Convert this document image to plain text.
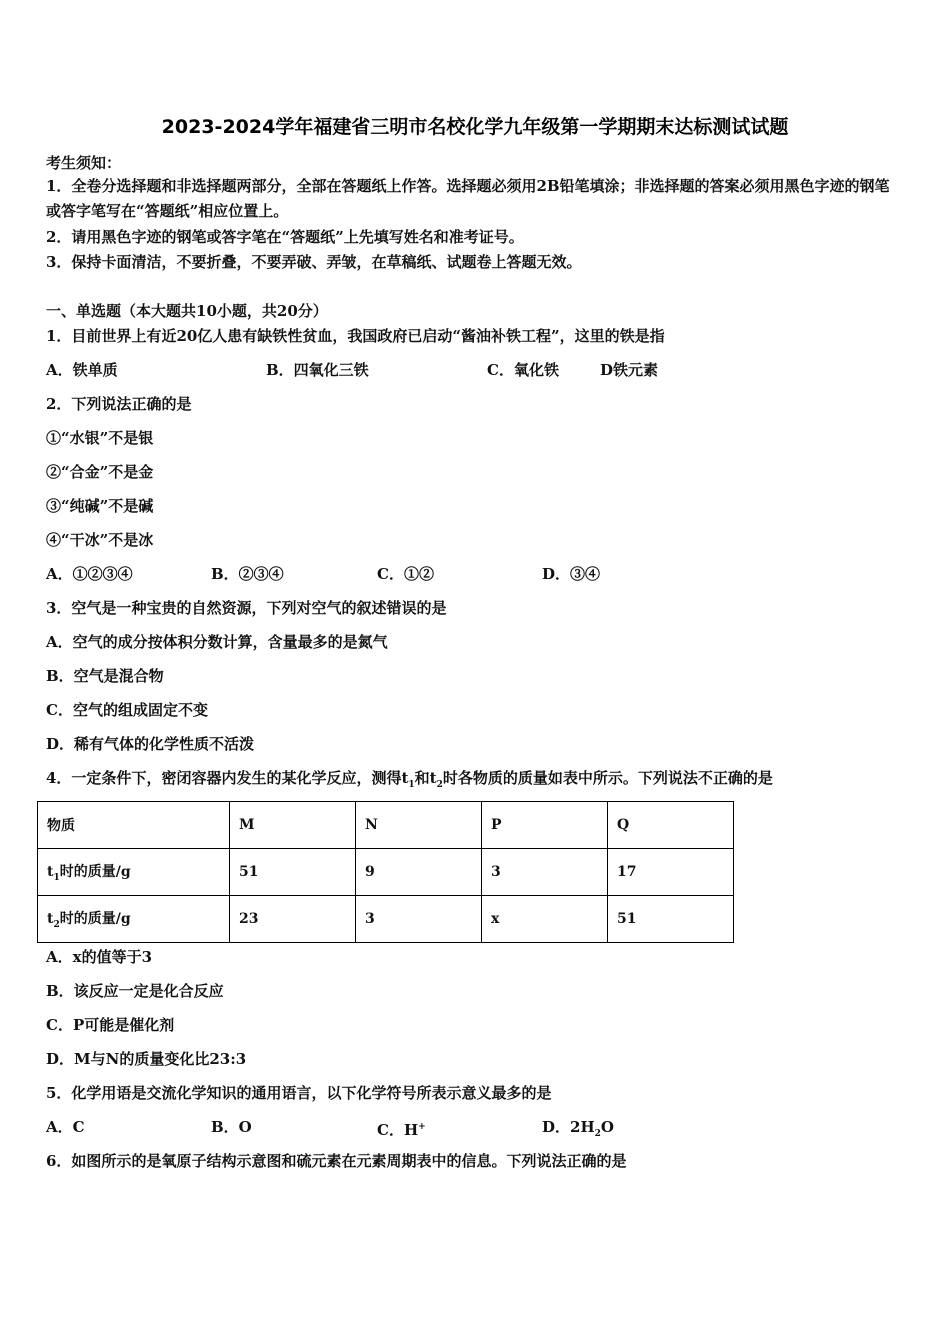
2023-2024学年福建省三明市名校化学九年级第一学期期末达标测试试题
考生须知：
1．全卷分选择题和非选择题两部分，全部在答题纸上作答。选择题必须用2B铅笔填涂；非选择题的答案必须用黑色字迹的钢笔或答字笔写在“答题纸”相应位置上。
2．请用黑色字迹的钢笔或答字笔在“答题纸”上先填写姓名和准考证号。
3．保持卡面清洁，不要折叠，不要弄破、弄皱，在草稿纸、试题卷上答题无效。
一、单选题（本大题共10小题，共20分）
1．目前世界上有近20亿人患有缺铁性贫血，我国政府已启动“酱油补铁工程”，这里的铁是指
A．铁单质	B．四氧化三铁	C．氧化铁	D铁元素
2．下列说法正确的是
①“水银”不是银
②“合金”不是金
③“纯碱”不是碱
④“干冰”不是冰
A．①②③④	B．②③④	C．①②	D．③④
3．空气是一种宝贵的自然资源，下列对空气的叙述错误的是
A．空气的成分按体积分数计算，含量最多的是氮气
B．空气是混合物
C．空气的组成固定不变
D．稀有气体的化学性质不活泼
4．一定条件下，密闭容器内发生的某化学反应，测得$t_1$和$t_2$时各物质的质量如表中所示。下列说法不正确的是
物质	M	N	P	Q
$t_1$时的质量/g	51	9	3	17
$t_2$时的质量/g	23	3	x	51
A．x的值等于3
B．该反应一定是化合反应
C．P可能是催化剂
D．M与N的质量变化比23:3
5．化学用语是交流化学知识的通用语言，以下化学符号所表示意义最多的是
A．C	B．O	C．H+	D．$2H_2O$
6．如图所示的是氧原子结构示意图和硫元素在元素周期表中的信息。下列说法正确的是
